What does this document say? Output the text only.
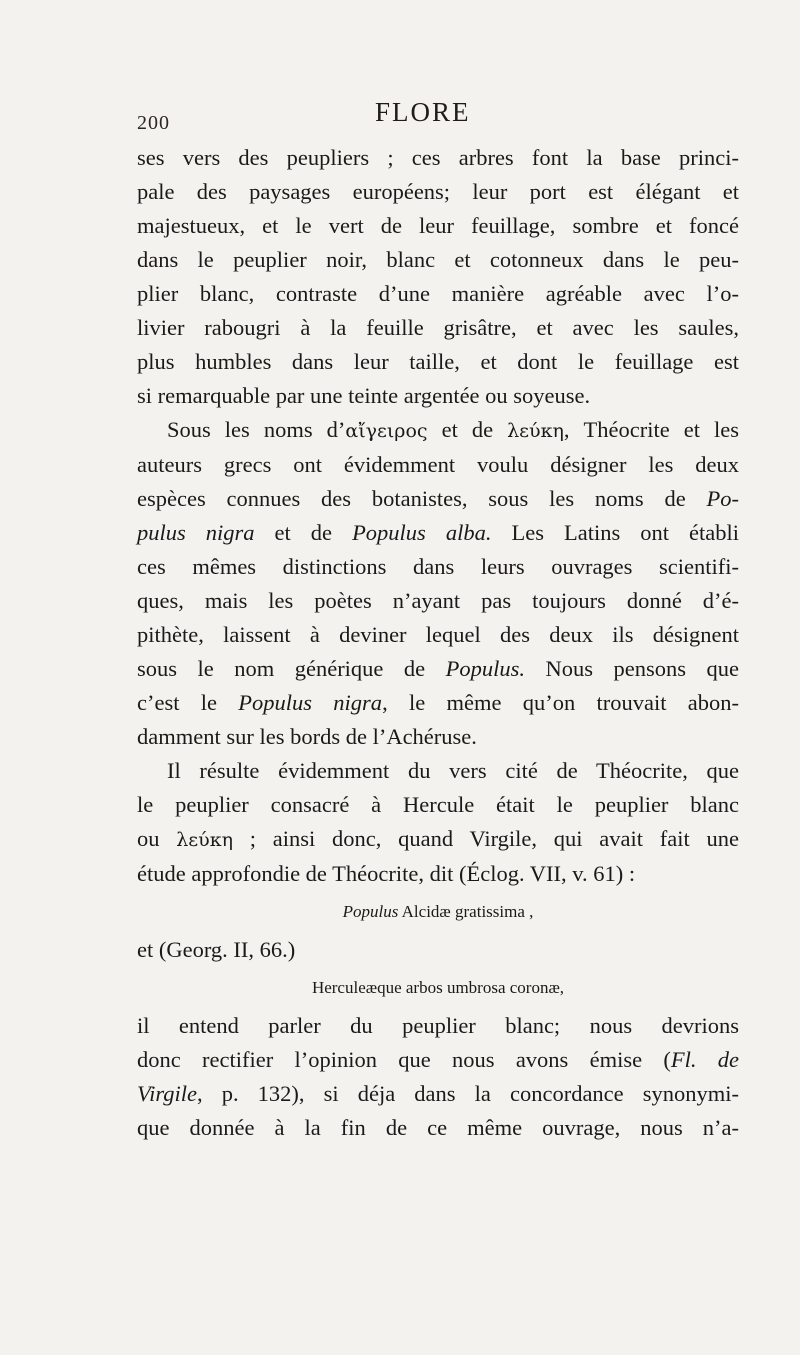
200	FLORE

ses vers des peupliers ; ces arbres font la base princi-
pale des paysages européens; leur port est élégant et
majestueux, et le vert de leur feuillage, sombre et foncé
dans le peuplier noir, blanc et cotonneux dans le peu-
plier blanc, contraste d’une manière agréable avec l’o-
livier rabougri à la feuille grisâtre, et avec les saules,
plus humbles dans leur taille, et dont le feuillage est
si remarquable par une teinte argentée ou soyeuse.

Sous les noms d’αἴγειρος et de λεύκη, Théocrite et les
auteurs grecs ont évidemment voulu désigner les deux
espèces connues des botanistes, sous les noms de Po-
pulus nigra et de Populus alba. Les Latins ont établi
ces mêmes distinctions dans leurs ouvrages scientifi-
ques, mais les poètes n’ayant pas toujours donné d’é-
pithète, laissent à deviner lequel des deux ils désignent
sous le nom générique de Populus. Nous pensons que
c’est le Populus nigra, le même qu’on trouvait abon-
damment sur les bords de l’Achéruse.

Il résulte évidemment du vers cité de Théocrite, que
le peuplier consacré à Hercule était le peuplier blanc
ou λεύκη ; ainsi donc, quand Virgile, qui avait fait une
étude approfondie de Théocrite, dit (Éclog. VII, v. 61) :

Populus Alcidæ gratissima ,
et (Georg. II, 66.)
Herculeæque arbos umbrosa coronæ,

il entend parler du peuplier blanc; nous devrions
donc rectifier l’opinion que nous avons émise (Fl. de
Virgile, p. 132), si déja dans la concordance synonymi-
que donnée à la fin de ce même ouvrage, nous n’a-
